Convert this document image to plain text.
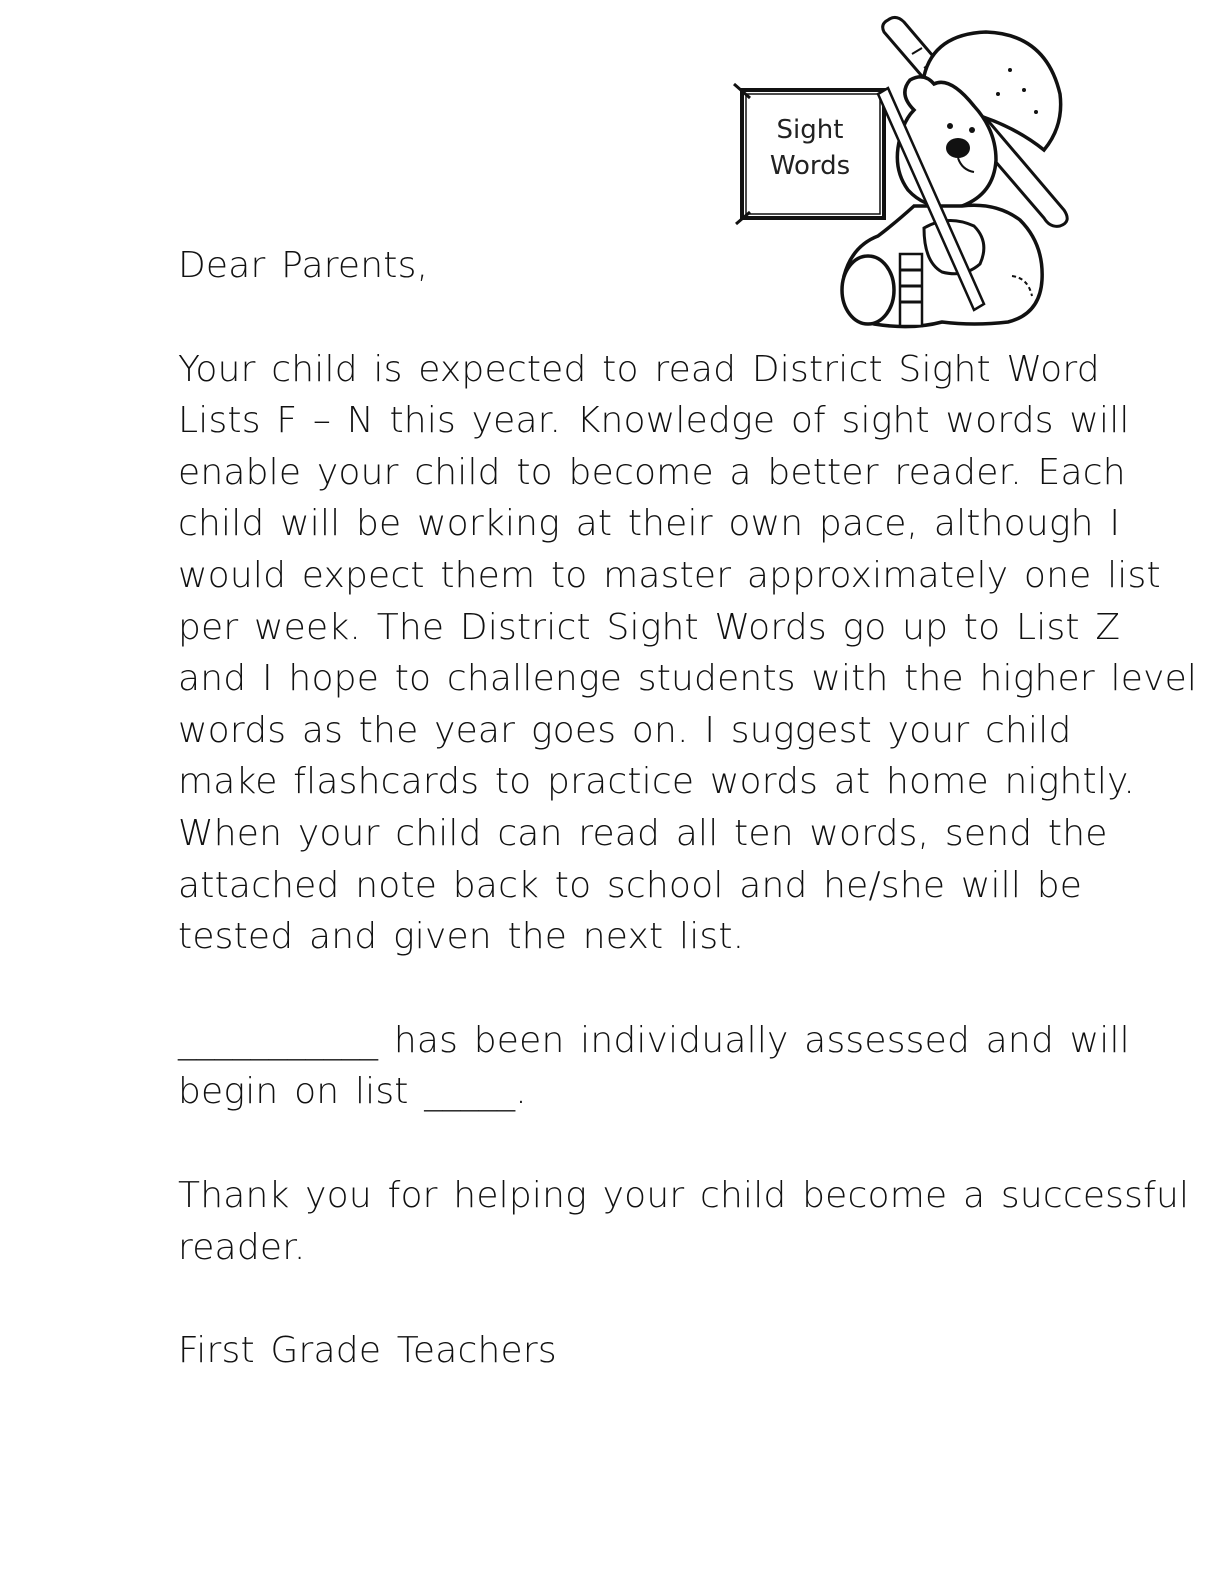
Sight
Words

Dear Parents,

Your child is expected to read District Sight Word
Lists F – N this year. Knowledge of sight words will
enable your child to become a better reader. Each
child will be working at their own pace, although I
would expect them to master approximately one list
per week. The District Sight Words go up to List Z
and I hope to challenge students with the higher level
words as the year goes on. I suggest your child
make flashcards to practice words at home nightly.
When your child can read all ten words, send the
attached note back to school and he/she will be
tested and given the next list.

___________ has been individually assessed and will
begin on list _____.

Thank you for helping your child become a successful
reader.

First Grade Teachers
